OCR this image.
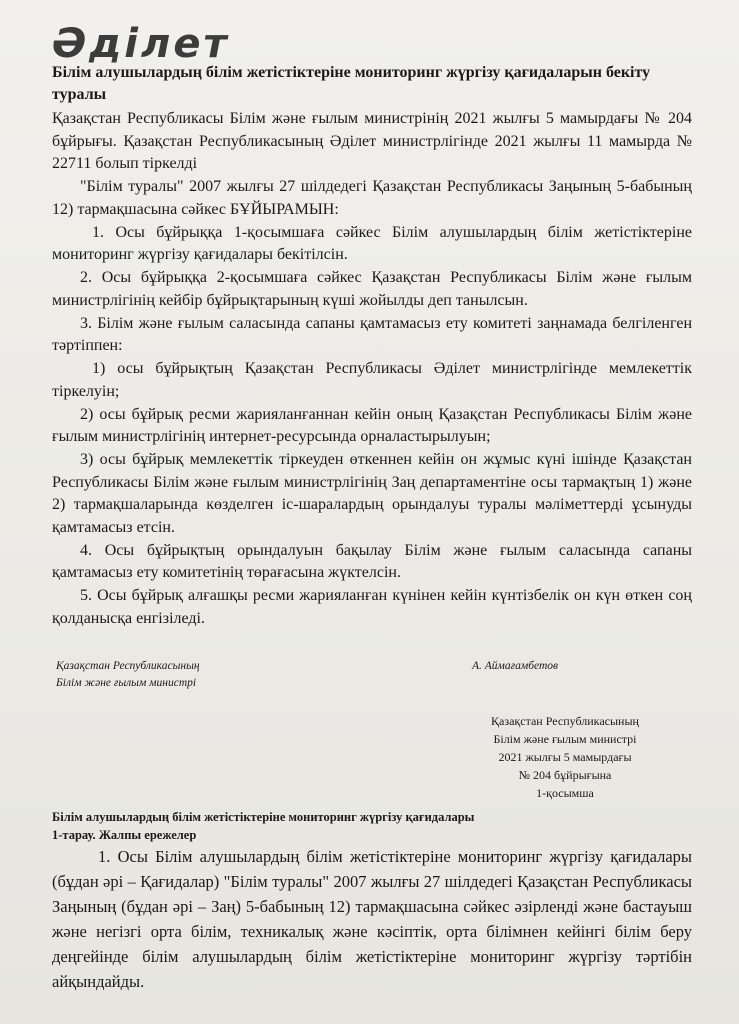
Әділет
Білім алушылардың білім жетістіктеріне мониторинг жүргізу қағидаларын бекіту туралы

Қазақстан Республикасы Білім және ғылым министрінің 2021 жылғы 5 мамырдағы № 204 бұйрығы. Қазақстан Республикасының Әділет министрлігінде 2021 жылғы 11 мамырда № 22711 болып тіркелді

"Білім туралы" 2007 жылғы 27 шілдедегі Қазақстан Республикасы Заңының 5-бабының 12) тармақшасына сәйкес БҰЙЫРАМЫН:

1. Осы бұйрыққа 1-қосымшаға сәйкес Білім алушылардың білім жетістіктеріне мониторинг жүргізу қағидалары бекітілсін.

2. Осы бұйрыққа 2-қосымшаға сәйкес Қазақстан Республикасы Білім және ғылым министрлігінің кейбір бұйрықтарының күші жойылды деп танылсын.

3. Білім және ғылым саласында сапаны қамтамасыз ету комитеті заңнамада белгіленген тәртіппен:

1) осы бұйрықтың Қазақстан Республикасы Әділет министрлігінде мемлекеттік тіркелуін;

2) осы бұйрық ресми жарияланғаннан кейін оның Қазақстан Республикасы Білім және ғылым министрлігінің интернет-ресурсында орналастырылуын;

3) осы бұйрық мемлекеттік тіркеуден өткеннен кейін он жұмыс күні ішінде Қазақстан Республикасы Білім және ғылым министрлігінің Заң департаментіне осы тармақтың 1) және 2) тармақшаларында көзделген іс-шаралардың орындалуы туралы мәліметтерді ұсынуды қамтамасыз етсін.

4. Осы бұйрықтың орындалуын бақылау Білім және ғылым саласында сапаны қамтамасыз ету комитетінің төрағасына жүктелсін.

5. Осы бұйрық алғашқы ресми жарияланған күнінен кейін күнтізбелік он күн өткен соң қолданысқа енгізіледі.

Қазақстан Республикасының
Білім және ғылым министрі
А. Аймағамбетов
Қазақстан Республикасының
Білім және ғылым министрі
2021 жылғы 5 мамырдағы
№ 204 бұйрығына
1-қосымша
Білім алушылардың білім жетістіктеріне мониторинг жүргізу қағидалары
1-тарау. Жалпы ережелер

1. Осы Білім алушылардың білім жетістіктеріне мониторинг жүргізу қағидалары (бұдан әрі – Қағидалар) "Білім туралы" 2007 жылғы 27 шілдедегі Қазақстан Республикасы Заңының (бұдан әрі – Заң) 5-бабының 12) тармақшасына сәйкес әзірленді және бастауыш және негізгі орта білім, техникалық және кәсіптік, орта білімнен кейінгі білім беру деңгейінде білім алушылардың білім жетістіктеріне мониторинг жүргізу тәртібін айқындайды.
